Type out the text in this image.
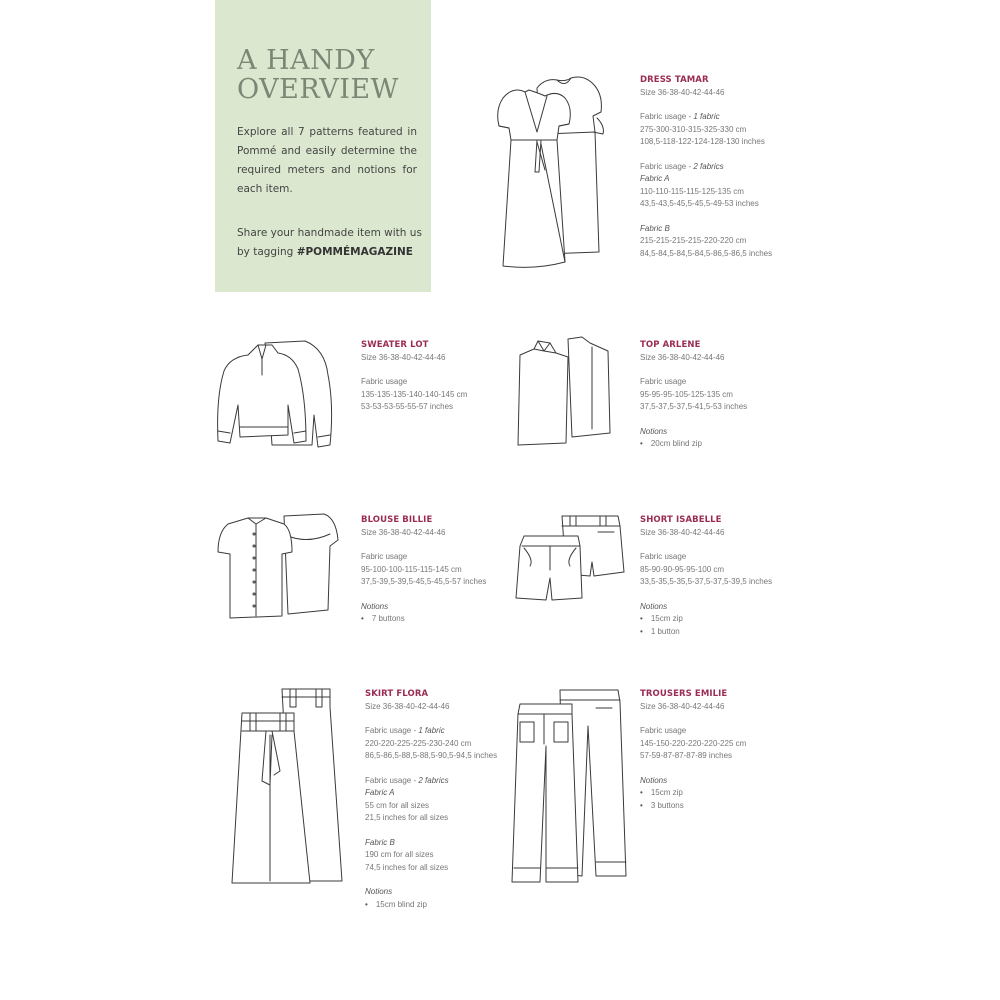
A HANDY
OVERVIEW

Explore all 7 patterns featured in Pommé and easily determine the required meters and notions for each item.

Share your handmade item with us by tagging #POMMÉMAGAZINE

DRESS TAMAR
Size 36-38-40-42-44-46
Fabric usage - 1 fabric
275-300-310-315-325-330 cm
108,5-118-122-124-128-130 inches
Fabric usage - 2 fabrics
Fabric A
110-110-115-115-125-135 cm
43,5-43,5-45,5-45,5-49-53 inches
Fabric B
215-215-215-215-220-220 cm
84,5-84,5-84,5-84,5-86,5-86,5 inches
SWEATER LOT
Size 36-38-40-42-44-46
Fabric usage
135-135-135-140-140-145 cm
53-53-53-55-55-57 inches
TOP ARLENE
Size 36-38-40-42-44-46
Fabric usage
95-95-95-105-125-135 cm
37,5-37,5-37,5-41,5-53 inches
Notions
• 20cm blind zip
BLOUSE BILLIE
Size 36-38-40-42-44-46
Fabric usage
95-100-100-115-115-145 cm
37,5-39,5-39,5-45,5-45,5-57 inches
Notions
• 7 buttons
SHORT ISABELLE
Size 36-38-40-42-44-46
Fabric usage
85-90-90-95-95-100 cm
33,5-35,5-35,5-37,5-37,5-39,5 inches
Notions
• 15cm zip
• 1 button
SKIRT FLORA
Size 36-38-40-42-44-46
Fabric usage - 1 fabric
220-220-225-225-230-240 cm
86,5-86,5-88,5-88,5-90,5-94,5 inches
Fabric usage - 2 fabrics
Fabric A
55 cm for all sizes
21,5 inches for all sizes
Fabric B
190 cm for all sizes
74,5 inches for all sizes
Notions
• 15cm blind zip
TROUSERS EMILIE
Size 36-38-40-42-44-46
Fabric usage
145-150-220-220-220-225 cm
57-59-87-87-87-89 inches
Notions
• 15cm zip
• 3 buttons
